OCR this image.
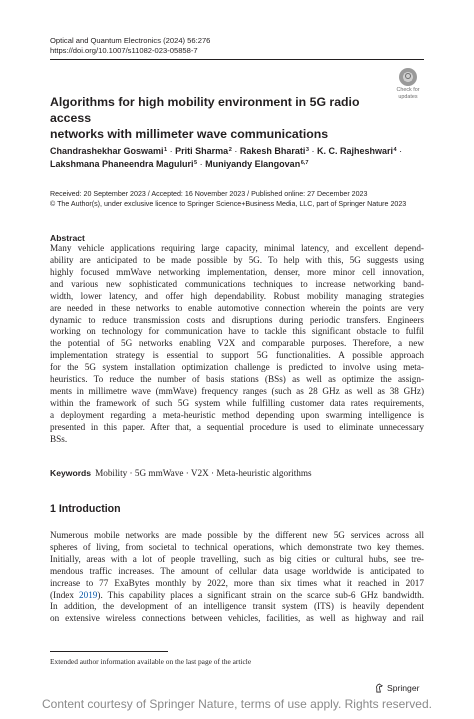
Optical and Quantum Electronics (2024) 56:276
https://doi.org/10.1007/s11082-023-05858-7
Check for
updates
Algorithms for high mobility environment in 5G radio access
networks with millimeter wave communications
Chandrashekhar Goswami$^1$ · Priti Sharma$^2$ · Rakesh Bharati$^3$ · K. C. Rajheshwari$^4$ ·
Lakshmana Phaneendra Maguluri$^5$ · Muniyandy Elangovan$^{6,7}$
Received: 20 September 2023 / Accepted: 16 November 2023 / Published online: 27 December 2023
© The Author(s), under exclusive licence to Springer Science+Business Media, LLC, part of Springer Nature 2023
Abstract
Many vehicle applications requiring large capacity, minimal latency, and excellent depend-
ability are anticipated to be made possible by 5G. To help with this, 5G suggests using
highly focused mmWave networking implementation, denser, more minor cell innovation,
and various new sophisticated communications techniques to increase networking band-
width, lower latency, and offer high dependability. Robust mobility managing strategies
are needed in these networks to enable automotive connection wherein the points are very
dynamic to reduce transmission costs and disruptions during periodic transfers. Engineers
working on technology for communication have to tackle this significant obstacle to fulfil
the potential of 5G networks enabling V2X and comparable purposes. Therefore, a new
implementation strategy is essential to support 5G functionalities. A possible approach
for the 5G system installation optimization challenge is predicted to involve using meta-
heuristics. To reduce the number of basis stations (BSs) as well as optimize the assign-
ments in millimetre wave (mmWave) frequency ranges (such as 28 GHz as well as 38 GHz)
within the framework of such 5G system while fulfilling customer data rates requirements,
a deployment regarding a meta-heuristic method depending upon swarming intelligence is
presented in this paper. After that, a sequential procedure is used to eliminate unnecessary
BSs.
Keywords Mobility · 5G mmWave · V2X · Meta-heuristic algorithms
1 Introduction
Numerous mobile networks are made possible by the different new 5G services across all
spheres of living, from societal to technical operations, which demonstrate two key themes.
Initially, areas with a lot of people travelling, such as big cities or cultural hubs, see tre-
mendous traffic increases. The amount of cellular data usage worldwide is anticipated to
increase to 77 ExaBytes monthly by 2022, more than six times what it reached in 2017
(Index 2019). This capability places a significant strain on the scarce sub-6 GHz bandwidth.
In addition, the development of an intelligence transit system (ITS) is heavily dependent
on extensive wireless connections between vehicles, facilities, as well as highway and rail
Extended author information available on the last page of the article
Springer
Content courtesy of Springer Nature, terms of use apply. Rights reserved.
